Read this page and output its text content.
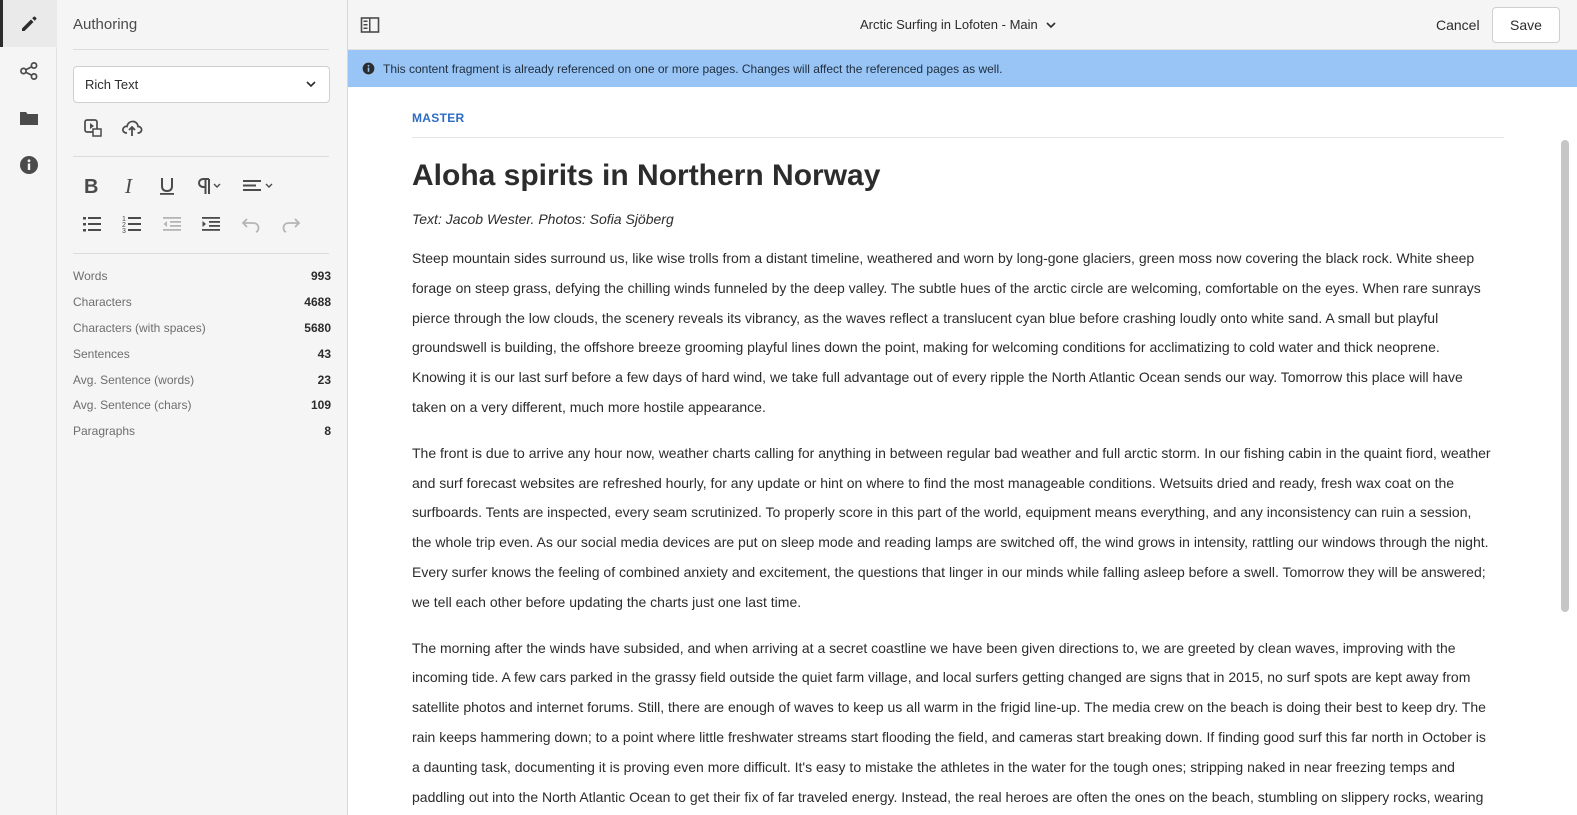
Authoring
Rich Text
B I
1
2
3
Words	993
Characters	4688
Characters (with spaces)	5680
Sentences	43
Avg. Sentence (words)	23
Avg. Sentence (chars)	109
Paragraphs	8
Arctic Surfing in Lofoten - Main	Cancel	Save
This content fragment is already referenced on one or more pages. Changes will affect the referenced pages as well.
MASTER
Aloha spirits in Northern Norway

Text: Jacob Wester. Photos: Sofia Sjöberg

Steep mountain sides surround us, like wise trolls from a distant timeline, weathered and worn by long-gone glaciers, green moss now covering the black rock. White sheep forage on steep grass, defying the chilling winds funneled by the deep valley. The subtle hues of the arctic circle are welcoming, comfortable on the eyes. When rare sunrays pierce through the low clouds, the scenery reveals its vibrancy, as the waves reflect a translucent cyan blue before crashing loudly onto white sand. A small but playful groundswell is building, the offshore breeze grooming playful lines down the point, making for welcoming conditions for acclimatizing to cold water and thick neoprene. Knowing it is our last surf before a few days of hard wind, we take full advantage out of every ripple the North Atlantic Ocean sends our way. Tomorrow this place will have taken on a very different, much more hostile appearance.

The front is due to arrive any hour now, weather charts calling for anything in between regular bad weather and full arctic storm. In our fishing cabin in the quaint fiord, weather and surf forecast websites are refreshed hourly, for any update or hint on where to find the most manageable conditions. Wetsuits dried and ready, fresh wax coat on the surfboards. Tents are inspected, every seam scrutinized. To properly score in this part of the world, equipment means everything, and any inconsistency can ruin a session, the whole trip even. As our social media devices are put on sleep mode and reading lamps are switched off, the wind grows in intensity, rattling our windows through the night. Every surfer knows the feeling of combined anxiety and excitement, the questions that linger in our minds while falling asleep before a swell. Tomorrow they will be answered; we tell each other before updating the charts just one last time.

The morning after the winds have subsided, and when arriving at a secret coastline we have been given directions to, we are greeted by clean waves, improving with the incoming tide. A few cars parked in the grassy field outside the quiet farm village, and local surfers getting changed are signs that in 2015, no surf spots are kept away from satellite photos and internet forums. Still, there are enough of waves to keep us all warm in the frigid line-up. The media crew on the beach is doing their best to keep dry. The rain keeps hammering down; to a point where little freshwater streams start flooding the field, and cameras start breaking down. If finding good surf this far north in October is a daunting task, documenting it is proving even more difficult. It's easy to mistake the athletes in the water for the tough ones; stripping naked in near freezing temps and paddling out into the North Atlantic Ocean to get their fix of far traveled energy. Instead, the real heroes are often the ones on the beach, stumbling on slippery rocks, wearing
